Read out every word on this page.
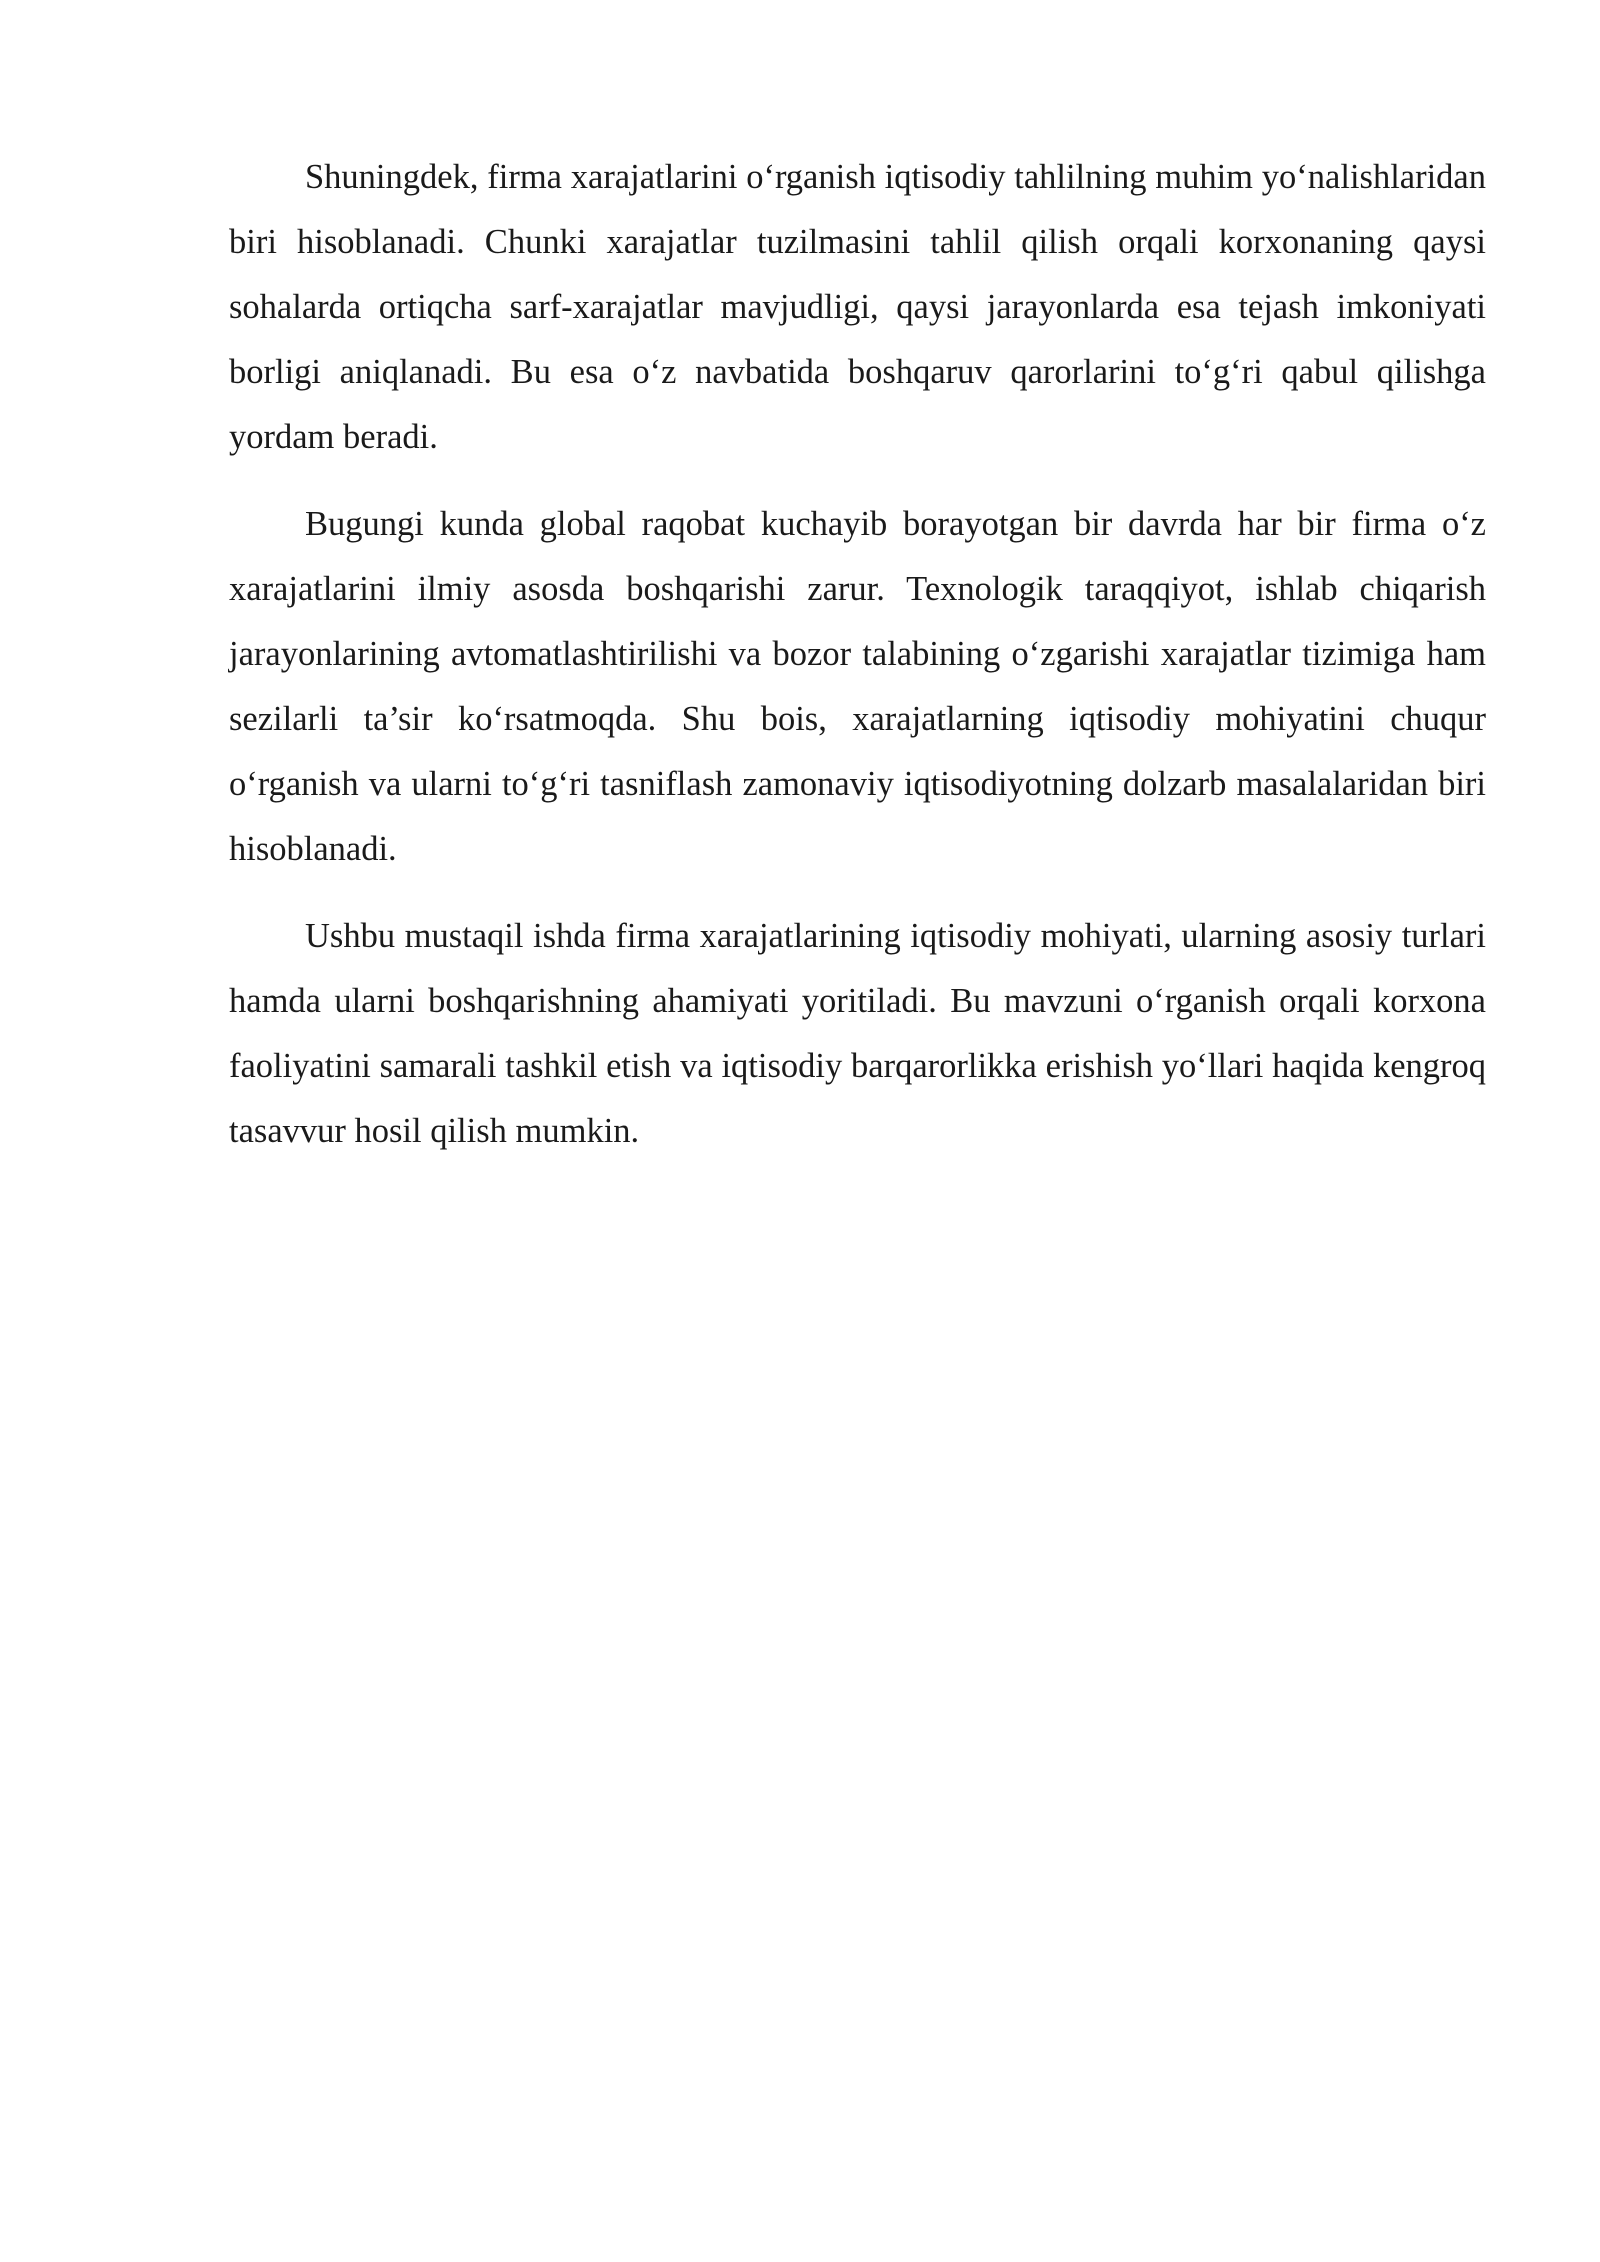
Shuningdek, firma xarajatlarini o‘rganish iqtisodiy tahlilning muhim yo‘nalishlaridan biri hisoblanadi. Chunki xarajatlar tuzilmasini tahlil qilish orqali korxonaning qaysi sohalarda ortiqcha sarf-xarajatlar mavjudligi, qaysi jarayonlarda esa tejash imkoniyati borligi aniqlanadi. Bu esa o‘z navbatida boshqaruv qarorlarini to‘g‘ri qabul qilishga yordam beradi.

Bugungi kunda global raqobat kuchayib borayotgan bir davrda har bir firma o‘z xarajatlarini ilmiy asosda boshqarishi zarur. Texnologik taraqqiyot, ishlab chiqarish jarayonlarining avtomatlashtirilishi va bozor talabining o‘zgarishi xarajatlar tizimiga ham sezilarli ta’sir ko‘rsatmoqda. Shu bois, xarajatlarning iqtisodiy mohiyatini chuqur o‘rganish va ularni to‘g‘ri tasniflash zamonaviy iqtisodiyotning dolzarb masalalaridan biri hisoblanadi.

Ushbu mustaqil ishda firma xarajatlarining iqtisodiy mohiyati, ularning asosiy turlari hamda ularni boshqarishning ahamiyati yoritiladi. Bu mavzuni o‘rganish orqali korxona faoliyatini samarali tashkil etish va iqtisodiy barqarorlikka erishish yo‘llari haqida kengroq tasavvur hosil qilish mumkin.
